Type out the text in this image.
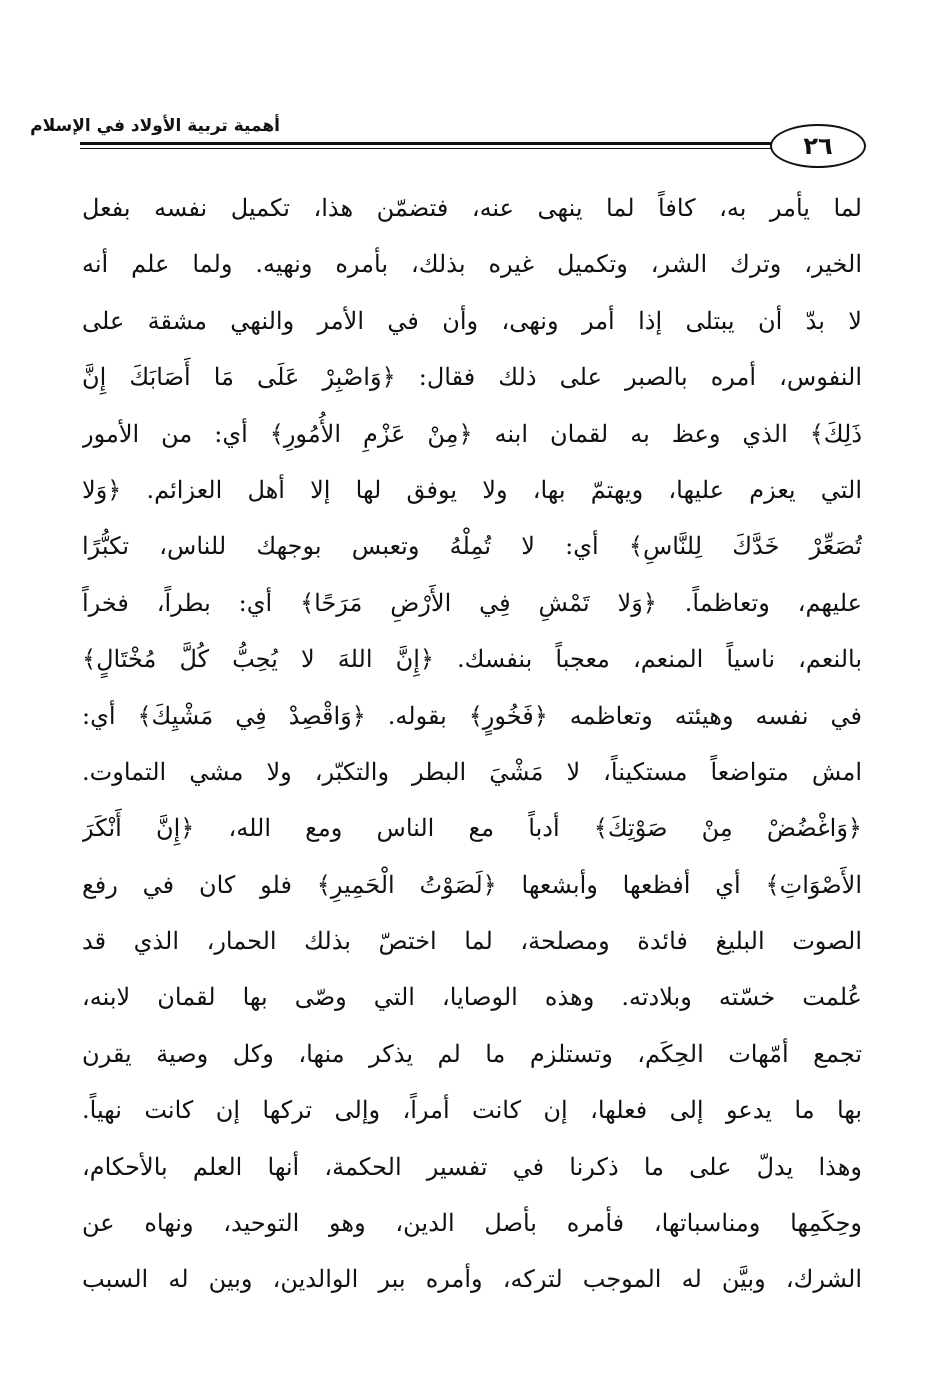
أهمية تربية الأولاد في الإسلام
٢٦
لما يأمر به، كافاً لما ينهى عنه، فتضمّن هذا، تكميل نفسه بفعل
الخير، وترك الشر، وتكميل غيره بذلك، بأمره ونهيه. ولما علم أنه
لا بدّ أن يبتلى إذا أمر ونهى، وأن في الأمر والنهي مشقة على
النفوس، أمره بالصبر على ذلك فقال: ﴿وَاصْبِرْ عَلَى مَا أَصَابَكَ إِنَّ
ذَلِكَ﴾ الذي وعظ به لقمان ابنه ﴿مِنْ عَزْمِ الأُمُورِ﴾ أي: من الأمور
التي يعزم عليها، ويهتمّ بها، ولا يوفق لها إلا أهل العزائم. ﴿وَلا
تُصَعِّرْ خَدَّكَ لِلنَّاسِ﴾ أي: لا تُمِلْهُ وتعبس بوجهك للناس، تكبُّرًا
عليهم، وتعاظماً. ﴿وَلا تَمْشِ فِي الأَرْضِ مَرَحًا﴾ أي: بطراً، فخراً
بالنعم، ناسياً المنعم، معجباً بنفسك. ﴿إِنَّ اللهَ لا يُحِبُّ كُلَّ مُخْتَالٍ﴾
في نفسه وهيئته وتعاظمه ﴿فَخُورٍ﴾ بقوله. ﴿وَاقْصِدْ فِي مَشْيِكَ﴾ أي:
امش متواضعاً مستكيناً، لا مَشْيَ البطر والتكبّر، ولا مشي التماوت.
﴿وَاغْضُضْ مِنْ صَوْتِكَ﴾ أدباً مع الناس ومع الله، ﴿إِنَّ أَنْكَرَ
الأَصْوَاتِ﴾ أي أفظعها وأبشعها ﴿لَصَوْتُ الْحَمِيرِ﴾ فلو كان في رفع
الصوت البليغ فائدة ومصلحة، لما اختصّ بذلك الحمار، الذي قد
عُلمت خسّته وبلادته. وهذه الوصايا، التي وصّى بها لقمان لابنه،
تجمع أمّهات الحِكَم، وتستلزم ما لم يذكر منها، وكل وصية يقرن
بها ما يدعو إلى فعلها، إن كانت أمراً، وإلى تركها إن كانت نهياً.
وهذا يدلّ على ما ذكرنا في تفسير الحكمة، أنها العلم بالأحكام،
وحِكَمِها ومناسباتها، فأمره بأصل الدين، وهو التوحيد، ونهاه عن
الشرك، وبيَّن له الموجب لتركه، وأمره ببر الوالدين، وبين له السبب
